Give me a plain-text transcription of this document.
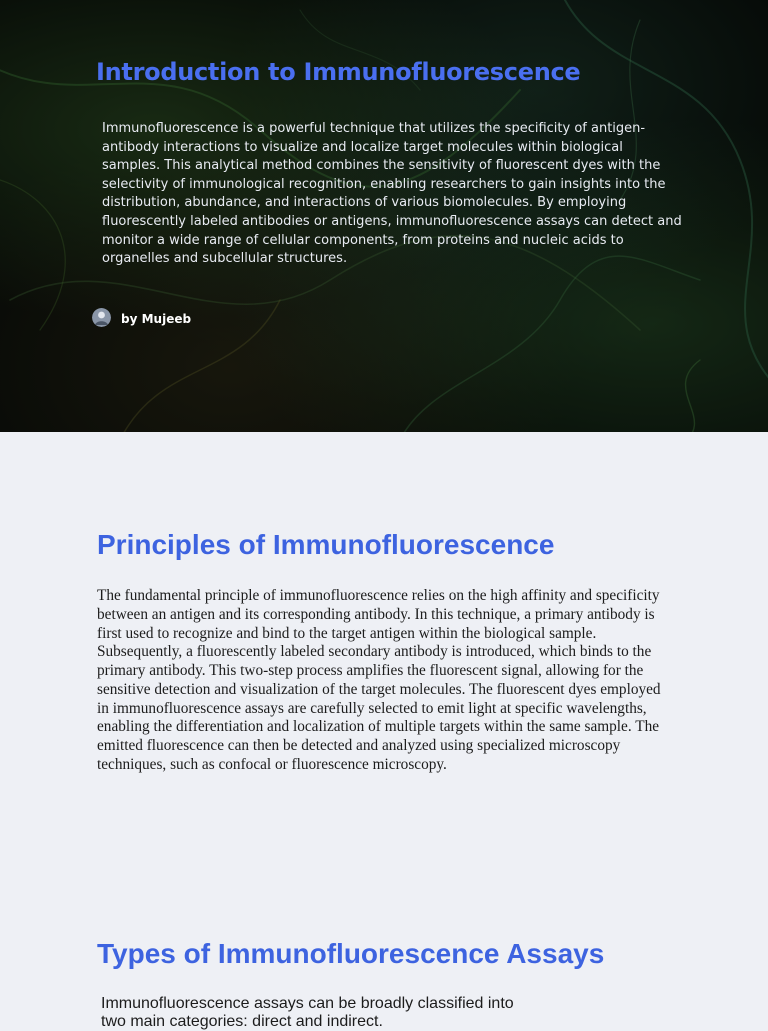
Introduction to Immunofluorescence

Immunofluorescence is a powerful technique that utilizes the specificity of antigen-antibody interactions to visualize and localize target molecules within biological samples. This analytical method combines the sensitivity of fluorescent dyes with the selectivity of immunological recognition, enabling researchers to gain insights into the distribution, abundance, and interactions of various biomolecules. By employing fluorescently labeled antibodies or antigens, immunofluorescence assays can detect and monitor a wide range of cellular components, from proteins and nucleic acids to organelles and subcellular structures.

by Mujeeb
Principles of Immunofluorescence

The fundamental principle of immunofluorescence relies on the high affinity and specificity between an antigen and its corresponding antibody. In this technique, a primary antibody is first used to recognize and bind to the target antigen within the biological sample. Subsequently, a fluorescently labeled secondary antibody is introduced, which binds to the primary antibody. This two-step process amplifies the fluorescent signal, allowing for the sensitive detection and visualization of the target molecules. The fluorescent dyes employed in immunofluorescence assays are carefully selected to emit light at specific wavelengths, enabling the differentiation and localization of multiple targets within the same sample. The emitted fluorescence can then be detected and analyzed using specialized microscopy techniques, such as confocal or fluorescence microscopy.

Types of Immunofluorescence Assays

Immunofluorescence assays can be broadly classified into two main categories: direct and indirect.
